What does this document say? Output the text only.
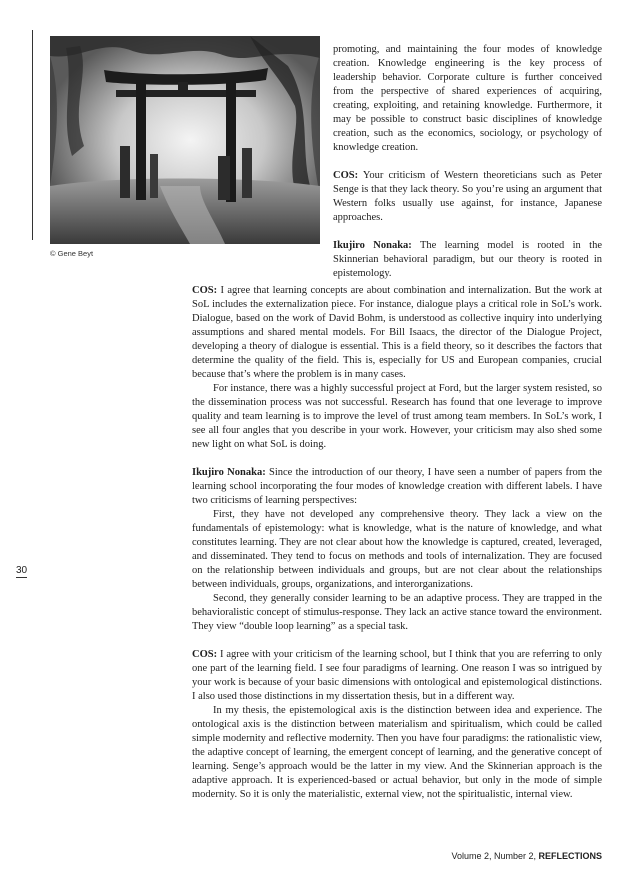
30
© Gene Beyt

promoting, and maintaining the four modes of knowledge creation. Knowledge engineering is the key process of leadership behavior. Corporate culture is further conceived from the perspective of shared experiences of acquiring, creating, exploiting, and retaining knowledge. Furthermore, it may be possible to construct basic disciplines of knowledge creation, such as the economics, sociology, or psychology of knowledge creation.

COS: Your criticism of Western theoreticians such as Peter Senge is that they lack theory. So you’re using an argument that Western folks usually use against, for instance, Japanese approaches.

Ikujiro Nonaka: The learning model is rooted in the Skinnerian behavioral paradigm, but our theory is rooted in epistemology.

COS: I agree that learning concepts are about combination and internalization. But the work at SoL includes the externalization piece. For instance, dialogue plays a critical role in SoL’s work. Dialogue, based on the work of David Bohm, is understood as collective inquiry into underlying assumptions and shared mental models. For Bill Isaacs, the director of the Dialogue Project, developing a theory of dialogue is essential. This is a field theory, so it describes the factors that determine the quality of the field. This is, especially for US and European companies, crucial because that’s where the problem is in many cases.

For instance, there was a highly successful project at Ford, but the larger system resisted, so the dissemination process was not successful. Research has found that one leverage to improve quality and team learning is to improve the level of trust among team members. In SoL’s work, I see all four angles that you describe in your work. However, your criticism may also shed some new light on what SoL is doing.

Ikujiro Nonaka: Since the introduction of our theory, I have seen a number of papers from the learning school incorporating the four modes of knowledge creation with different labels. I have two criticisms of learning perspectives:

First, they have not developed any comprehensive theory. They lack a view on the fundamentals of epistemology: what is knowledge, what is the nature of knowledge, and what constitutes learning. They are not clear about how the knowledge is captured, created, leveraged, and disseminated. They tend to focus on methods and tools of internalization. They are focused on the relationship between individuals and groups, but are not clear about the relationships between individuals, groups, organizations, and interorganizations.

Second, they generally consider learning to be an adaptive process. They are trapped in the behavioralistic concept of stimulus-response. They lack an active stance toward the environment. They view “double loop learning” as a special task.

COS: I agree with your criticism of the learning school, but I think that you are referring to only one part of the learning field. I see four paradigms of learning. One reason I was so intrigued by your work is because of your basic dimensions with ontological and epistemological distinctions. I also used those distinctions in my dissertation thesis, but in a different way.

In my thesis, the epistemological axis is the distinction between idea and experience. The ontological axis is the distinction between materialism and spiritualism, which could be called simple modernity and reflective modernity. Then you have four paradigms: the rationalistic view, the adaptive concept of learning, the emergent concept of learning, and the generative concept of learning. Senge’s approach would be the latter in my view. And the Skinnerian approach is the adaptive approach. It is experienced-based or actual behavior, but only in the mode of simple modernity. So it is only the materialistic, external view, not the spiritualistic, internal view.

Volume 2, Number 2, REFLECTIONS
